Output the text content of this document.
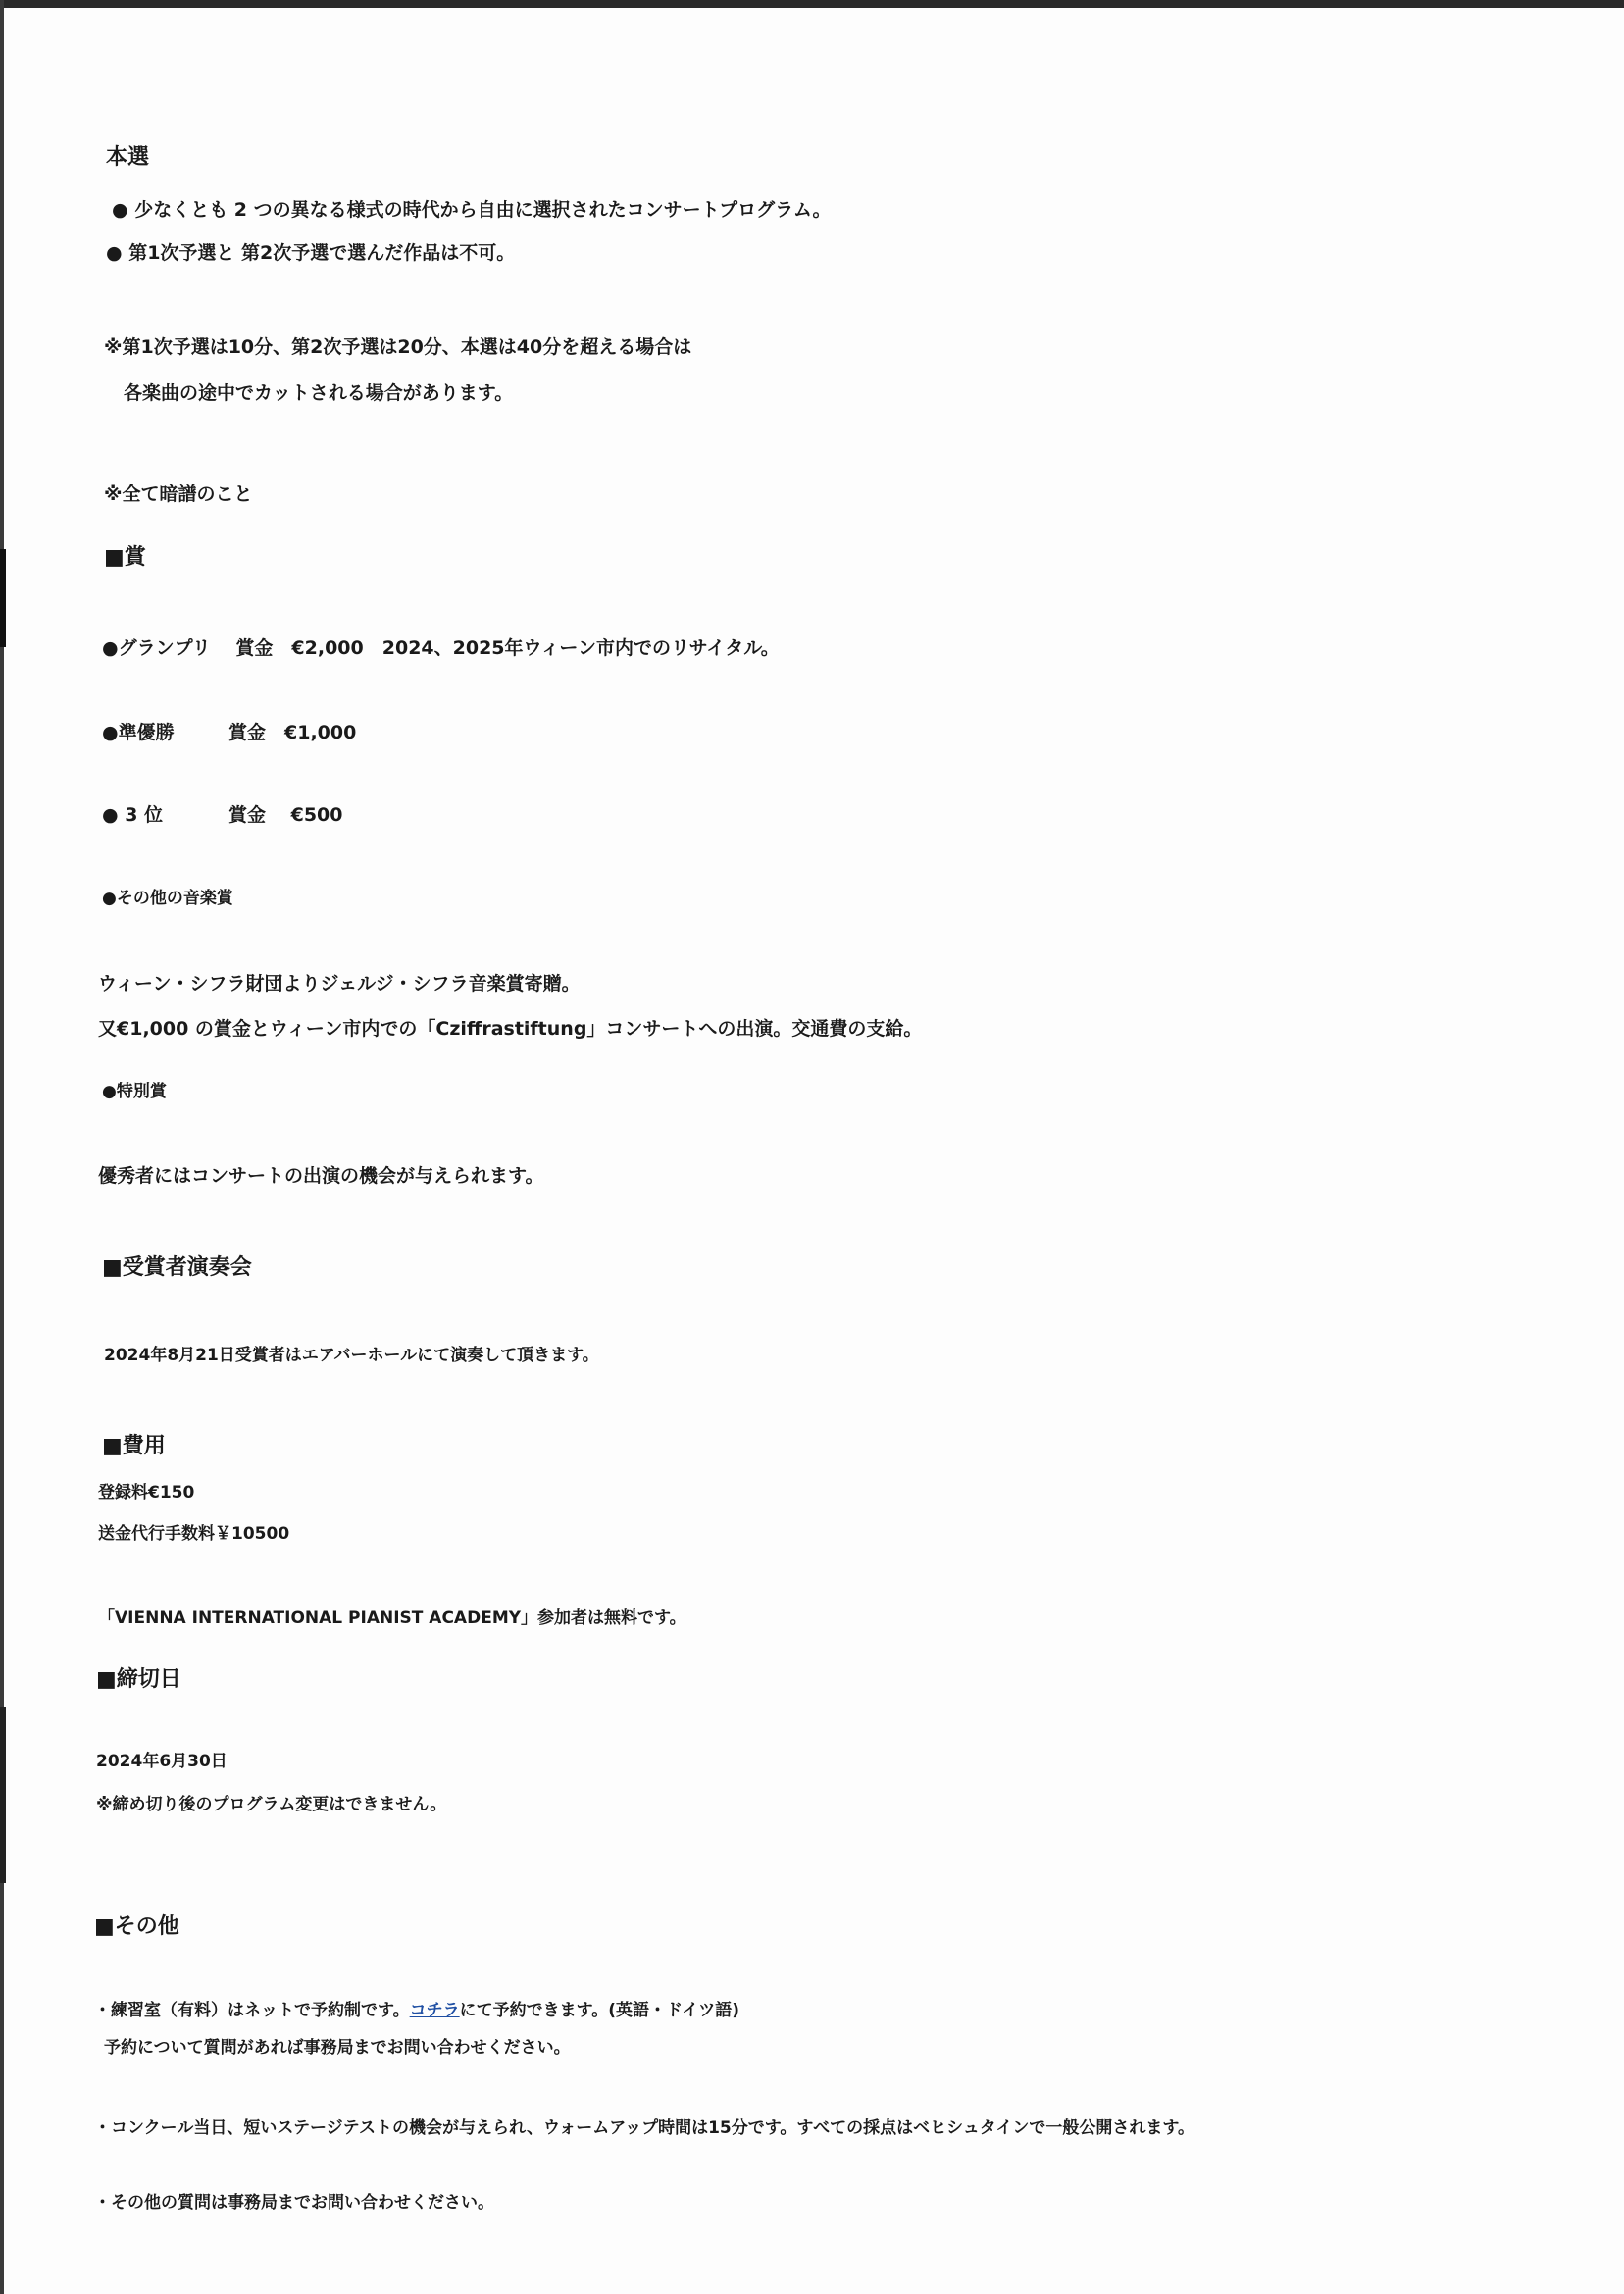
本選
● 少なくとも 2 つの異なる様式の時代から自由に選択されたコンサートプログラム。
● 第1次予選と 第2次予選で選んだ作品は不可。
※第1次予選は10分、第2次予選は20分、本選は40分を超える場合は
各楽曲の途中でカットされる場合があります。
※全て暗譜のこと
■賞
●グランプリ　 賞金　€2,000　2024、2025年ウィーン市内でのリサイタル。
●準優勝	賞金　€1,000
● 3 位	賞金　 €500
●その他の音楽賞
ウィーン・シフラ財団よりジェルジ・シフラ音楽賞寄贈。
又€1,000 の賞金とウィーン市内での「Cziffrastiftung」コンサートへの出演。交通費の支給。
●特別賞
優秀者にはコンサートの出演の機会が与えられます。
■受賞者演奏会
2024年8月21日受賞者はエアバーホールにて演奏して頂きます。
■費用
登録料€150
送金代行手数料￥10500
「VIENNA INTERNATIONAL PIANIST ACADEMY」参加者は無料です。
■締切日
2024年6月30日
※締め切り後のプログラム変更はできません。
■その他
・練習室（有料）はネットで予約制です。コチラにて予約できます。(英語・ドイツ語)
予約について質問があれば事務局までお問い合わせください。
・コンクール当日、短いステージテストの機会が与えられ、ウォームアップ時間は15分です。すべての採点はベヒシュタインで一般公開されます。
・その他の質問は事務局までお問い合わせください。
